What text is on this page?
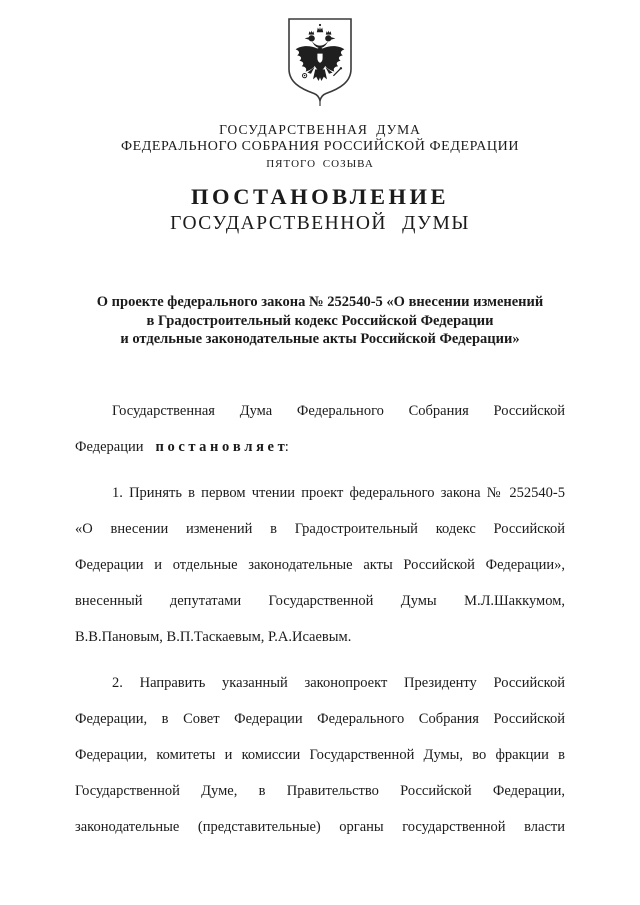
ГОСУДАРСТВЕННАЯ ДУМА
ФЕДЕРАЛЬНОГО СОБРАНИЯ РОССИЙСКОЙ ФЕДЕРАЦИИ
ПЯТОГО СОЗЫВА
ПОСТАНОВЛЕНИЕ
ГОСУДАРСТВЕННОЙ ДУМЫ
О проекте федерального закона № 252540-5 «О внесении изменений
в Градостроительный кодекс Российской Федерации
и отдельные законодательные акты Российской Федерации»
Государственная Дума Федерального Собрания Российской
Федерации п о с т а н о в л я е т:
1. Принять в первом чтении проект федерального закона № 252540-5
«О внесении изменений в Градостроительный кодекс Российской
Федерации и отдельные законодательные акты Российской Федерации»,
внесенный депутатами Государственной Думы М.Л.Шаккумом,
В.В.Пановым, В.П.Таскаевым, Р.А.Исаевым.
2. Направить указанный законопроект Президенту Российской
Федерации, в Совет Федерации Федерального Собрания Российской
Федерации, комитеты и комиссии Государственной Думы, во фракции в
Государственной Думе, в Правительство Российской Федерации,
законодательные (представительные) органы государственной власти
